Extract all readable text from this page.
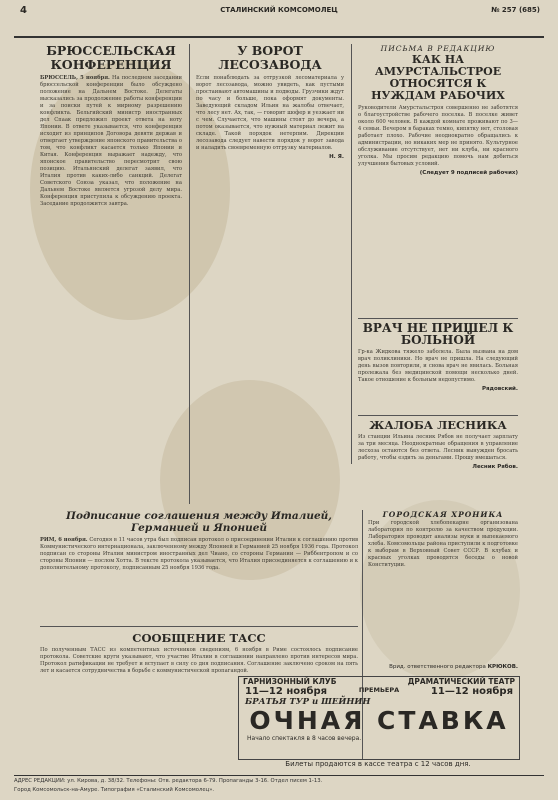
4	СТАЛИНСКИЙ КОМСОМОЛЕЦ	№ 257 (685)
БРЮССЕЛЬСКАЯ КОНФЕРЕНЦИЯ

БРЮССЕЛЬ, 5 ноября. На последнем заседании брюссельской конференции было обсуждено положение на Дальнем Востоке. Делегаты высказались за продолжение работы конференции и за поиски путей к мирному разрешению конфликта. Бельгийский министр иностранных дел Спаак предложил проект ответа на ноту Японии. В ответе указывается, что конференция исходит из принципов Договора девяти держав и отвергает утверждение японского правительства о том, что конфликт касается только Японии и Китая. Конференция выражает надежду, что японское правительство пересмотрит свою позицию. Итальянский делегат заявил, что Италия против каких-либо санкций. Делегат Советского Союза указал, что положение на Дальнем Востоке является угрозой делу мира. Конференция приступила к обсуждению проекта. Заседание продолжится завтра.

Подписание соглашения между Италией, Германией и Японией

РИМ, 6 ноября. Сегодня в 11 часов утра был подписан протокол о присоединении Италии к соглашению против Коммунистического интернационала, заключенному между Японией и Германией 25 ноября 1936 года. Протокол подписан со стороны Италии министром иностранных дел Чиано, со стороны Германии — Риббентропом и со стороны Японии — послом Хотта. В тексте протокола указывается, что Италия присоединяется к соглашению и к дополнительному протоколу, подписанным 25 ноября 1936 года.

СООБЩЕНИЕ ТАСС

По полученным ТАСС из компетентных источников сведениям, 6 ноября в Риме состоялось подписание протокола. Советские круги указывают, что участие Италии в соглашении направлено против интересов мира. Протокол ратификации не требует и вступает в силу со дня подписания. Соглашение заключено сроком на пять лет и касается сотрудничества в борьбе с коммунистической пропагандой.

У ВОРОТ ЛЕСОЗАВОДА

Если понаблюдать за отгрузкой лесоматериала у ворот лесозавода, можно увидеть, как пустыми простаивают автомашины и подводы. Грузчики ждут по часу и больше, пока оформят документы. Заведующий складом Ильин на жалобы отвечает, что лесу нет. Ах, так, — говорит шофер и уезжает ни с чем. Случается, что машины стоят до вечера, а потом оказывается, что нужный материал лежит на складе. Такой порядок нетерпим. Дирекции лесозавода следует навести порядок у ворот завода и наладить своевременную отгрузку материалов.

Н. Я.
ПИСЬМА В РЕДАКЦИЮ
КАК НА АМУРСТАЛЬСТРОЕ ОТНОСЯТСЯ К НУЖДАМ РАБОЧИХ

Руководители Амурстальстроя совершенно не заботятся о благоустройстве рабочего поселка. В поселке живет около 600 человек. В каждой комнате проживают по 3—4 семьи. Вечером в бараках темно, кипятку нет, столовая работает плохо. Рабочие неоднократно обращались к администрации, но никаких мер не принято. Культурное обслуживание отсутствует, нет ни клуба, ни красного уголка. Мы просим редакцию помочь нам добиться улучшения бытовых условий.

(Следует 9 подписей рабочих)
ВРАЧ НЕ ПРИШЕЛ К БОЛЬНОЙ

Гр-ка Жидкова тяжело заболела. Была вызвана на дом врач поликлиники. Но врач не пришла. На следующий день вызов повторили, и снова врач не явилась. Больная пролежала без медицинской помощи несколько дней. Такое отношение к больным недопустимо.

Рядовский.
ЖАЛОБА ЛЕСНИКА

Из станции Ильина лесник Рябов не получает зарплату за три месяца. Неоднократные обращения в управление лесхоза остаются без ответа. Лесник вынужден бросать работу, чтобы ездить за деньгами. Прошу вмешаться.

Лесник Рябов.
ГОРОДСКАЯ ХРОНИКА

При городской хлебопекарне организована лаборатория по контролю за качеством продукции. Лаборатория проводит анализы муки и выпекаемого хлеба. Комсомольцы района приступили к подготовке к выборам в Верховный Совет СССР. В клубах и красных уголках проводятся беседы о новой Конституции.

Врид. ответственного редактора КРЮКОВ.
ГАРНИЗОННЫЙ КЛУБ	ДРАМАТИЧЕСКИЙ ТЕАТР
11—12 ноября	ПРЕМЬЕРА	11—12 ноября
БРАТЬЯ ТУР и ШЕЙНИН
ОЧНАЯ СТАВКА
Начало спектакля в 8 часов вечера.
Билеты продаются в кассе театра с 12 часов дня.
АДРЕС РЕДАКЦИИ: ул. Кирова, д. 38/32. Телефоны: Отв. редактора 6-79. Пропаганды 3-16. Отдел писем 1-13.
Город Комсомольск-на-Амуре. Типография «Сталинский Комсомолец».
